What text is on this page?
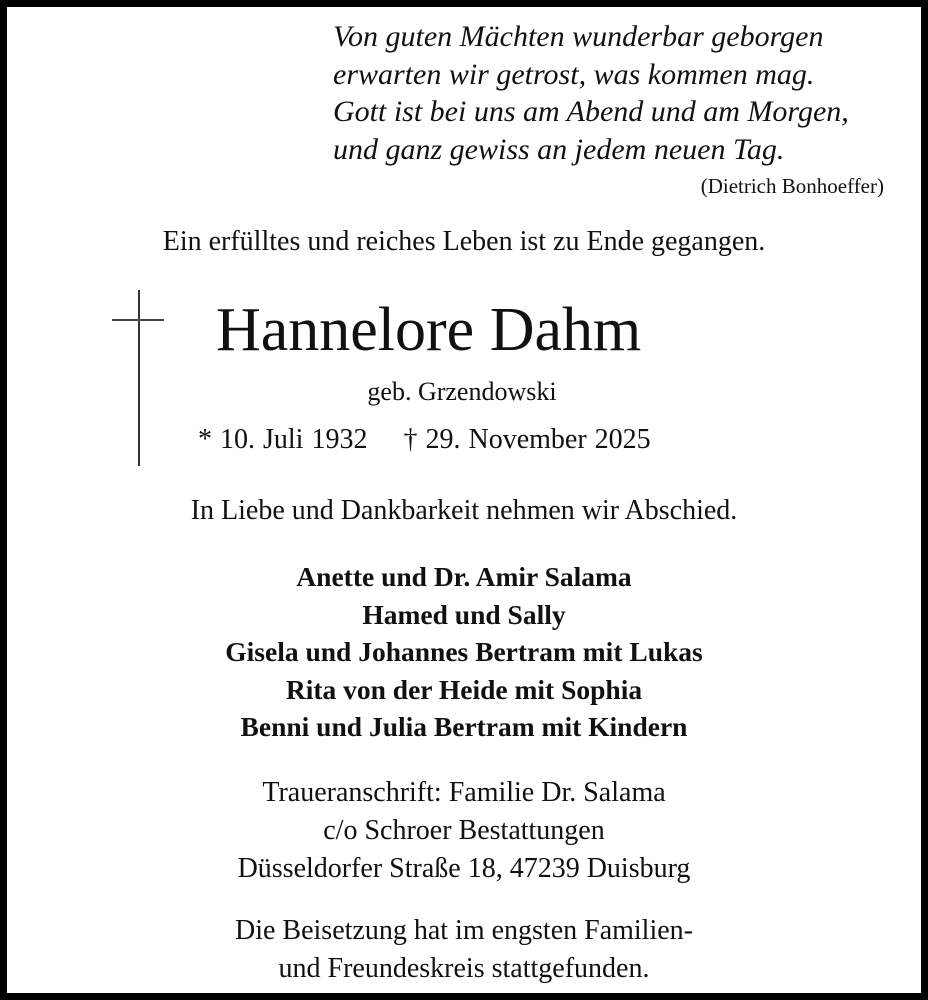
Von guten Mächten wunderbar geborgen
erwarten wir getrost, was kommen mag.
Gott ist bei uns am Abend und am Morgen,
und ganz gewiss an jedem neuen Tag.
(Dietrich Bonhoeffer)
Ein erfülltes und reiches Leben ist zu Ende gegangen.
Hannelore Dahm
geb. Grzendowski
* 10. Juli 1932 † 29. November 2025
In Liebe und Dankbarkeit nehmen wir Abschied.
Anette und Dr. Amir Salama
Hamed und Sally
Gisela und Johannes Bertram mit Lukas
Rita von der Heide mit Sophia
Benni und Julia Bertram mit Kindern
Traueranschrift: Familie Dr. Salama
c/o Schroer Bestattungen
Düsseldorfer Straße 18, 47239 Duisburg
Die Beisetzung hat im engsten Familien-
und Freundeskreis stattgefunden.
